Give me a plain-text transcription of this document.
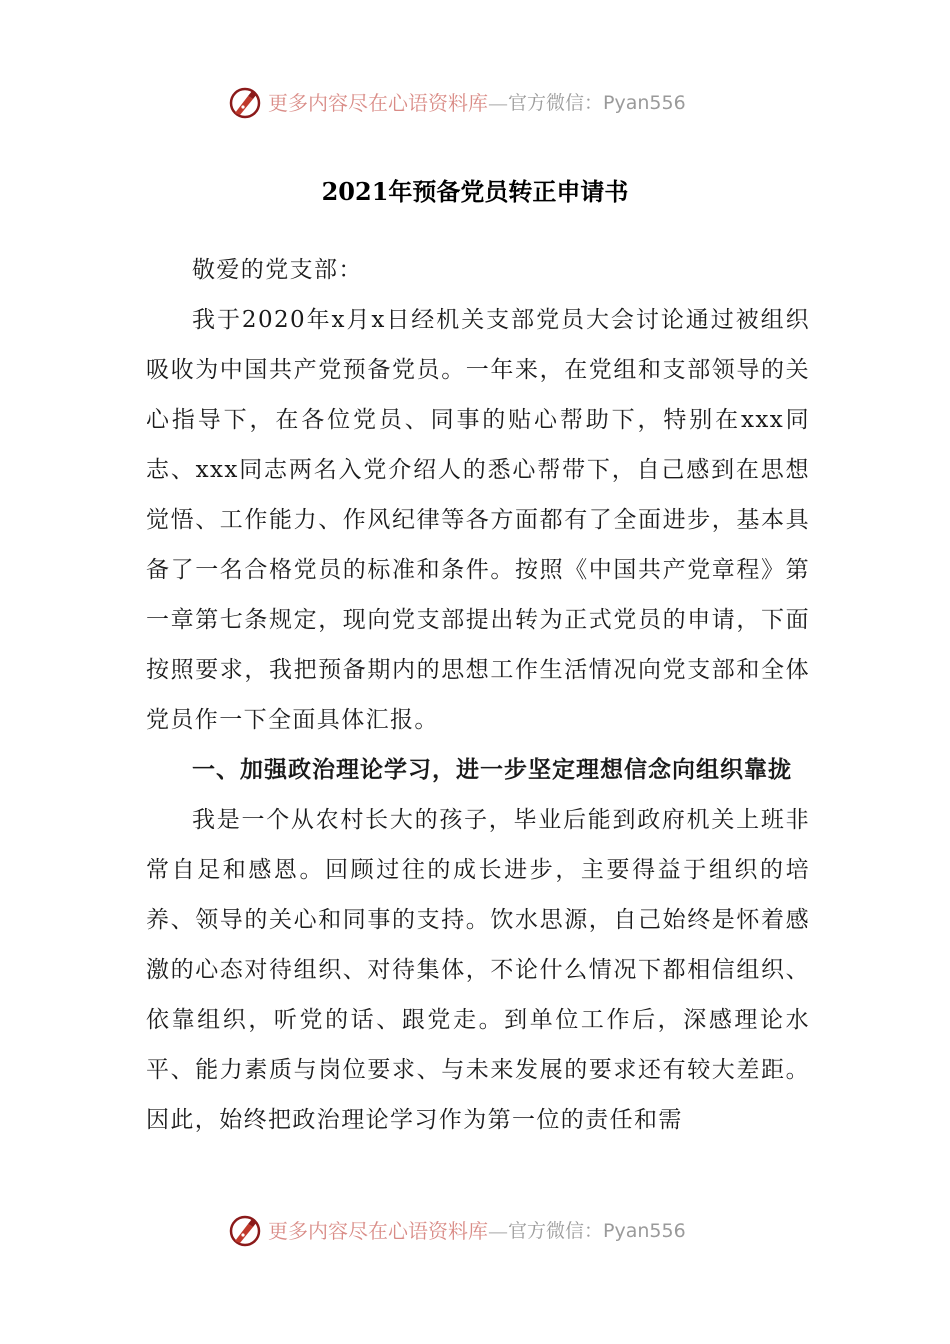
更多内容尽在心语资料库 — 官方微信：Pyan556
2021年预备党员转正申请书

敬爱的党支部：

我于2020年x月x日经机关支部党员大会讨论通过被组织吸收为中国共产党预备党员。一年来，在党组和支部领导的关心指导下，在各位党员、同事的贴心帮助下，特别在xxx同志、xxx同志两名入党介绍人的悉心帮带下，自己感到在思想觉悟、工作能力、作风纪律等各方面都有了全面进步，基本具备了一名合格党员的标准和条件。按照《中国共产党章程》第一章第七条规定，现向党支部提出转为正式党员的申请，下面按照要求，我把预备期内的思想工作生活情况向党支部和全体党员作一下全面具体汇报。

一、加强政治理论学习，进一步坚定理想信念向组织靠拢

我是一个从农村长大的孩子，毕业后能到政府机关上班非常自足和感恩。回顾过往的成长进步，主要得益于组织的培养、领导的关心和同事的支持。饮水思源，自己始终是怀着感激的心态对待组织、对待集体，不论什么情况下都相信组织、依靠组织，听党的话、跟党走。到单位工作后，深感理论水平、能力素质与岗位要求、与未来发展的要求还有较大差距。因此，始终把政治理论学习作为第一位的责任和需

更多内容尽在心语资料库 — 官方微信：Pyan556
